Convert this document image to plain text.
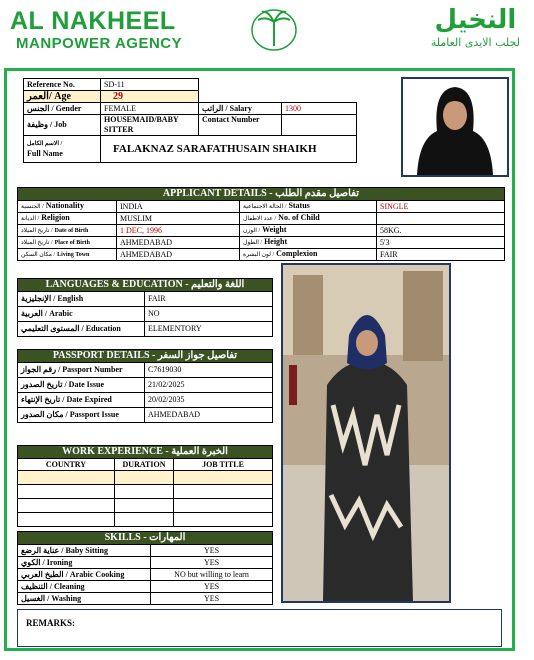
AL NAKHEEL
MANPOWER AGENCY
النخيل
لجلب الايدى العاملة
Reference No.	SD-11		
العمر/ Age	29		
الجنس / Gender	FEMALE	الراتب / Salary	1300
وظيفة / Job	HOUSEMAID/BABY SITTER	Contact Number	

الاسم الكامل /
Full Name	FALAKNAZ SARAFATHUSAIN SHAIKH		
APPLICANT DETAILS - تفاصيل مقدم الطلب			
الجنسية / Nationality	INDIA	الحالة الاجتماعية / Status	SINGLE
الديانة / Religion	MUSLIM	عدد الاطفال / No. of Child	
تاريخ الميلاد / Date of Birth	1 DEC, 1996	الوزن / Weight	58KG.
تاريخ الميلاد / Place of Birth	AHMEDABAD	الطول / Height	5'3
مكان السكن / Living Town	AHMEDABAD	لون البشرة / Complexion	FAIR
LANGUAGES & EDUCATION - اللغة والتعليم	
الإنجليزية / English	FAIR
العربية / Arabic	NO
المستوى التعليمي / Education	ELEMENTORY
PASSPORT DETAILS - تفاصيل جواز السفر	
رقم الجواز / Passport Number	C7619030
تاريخ الصدور / Date Issue	21/02/2025
تاريخ الإنتهاء / Date Expired	20/02/2035
مكان الصدور / Passport Issue	AHMEDABAD
WORK EXPERIENCE - الخبرة العملية		
COUNTRY	DURATION	JOB TITLE

SKILLS - المهارات	
عناية الرضع / Baby Sitting	YES
الكوي / Ironing	YES
الطبخ العربي / Arabic Cooking	NO but willing to learn
التنظيف / Cleaning	YES
الغسيل / Washing	YES
REMARKS:
